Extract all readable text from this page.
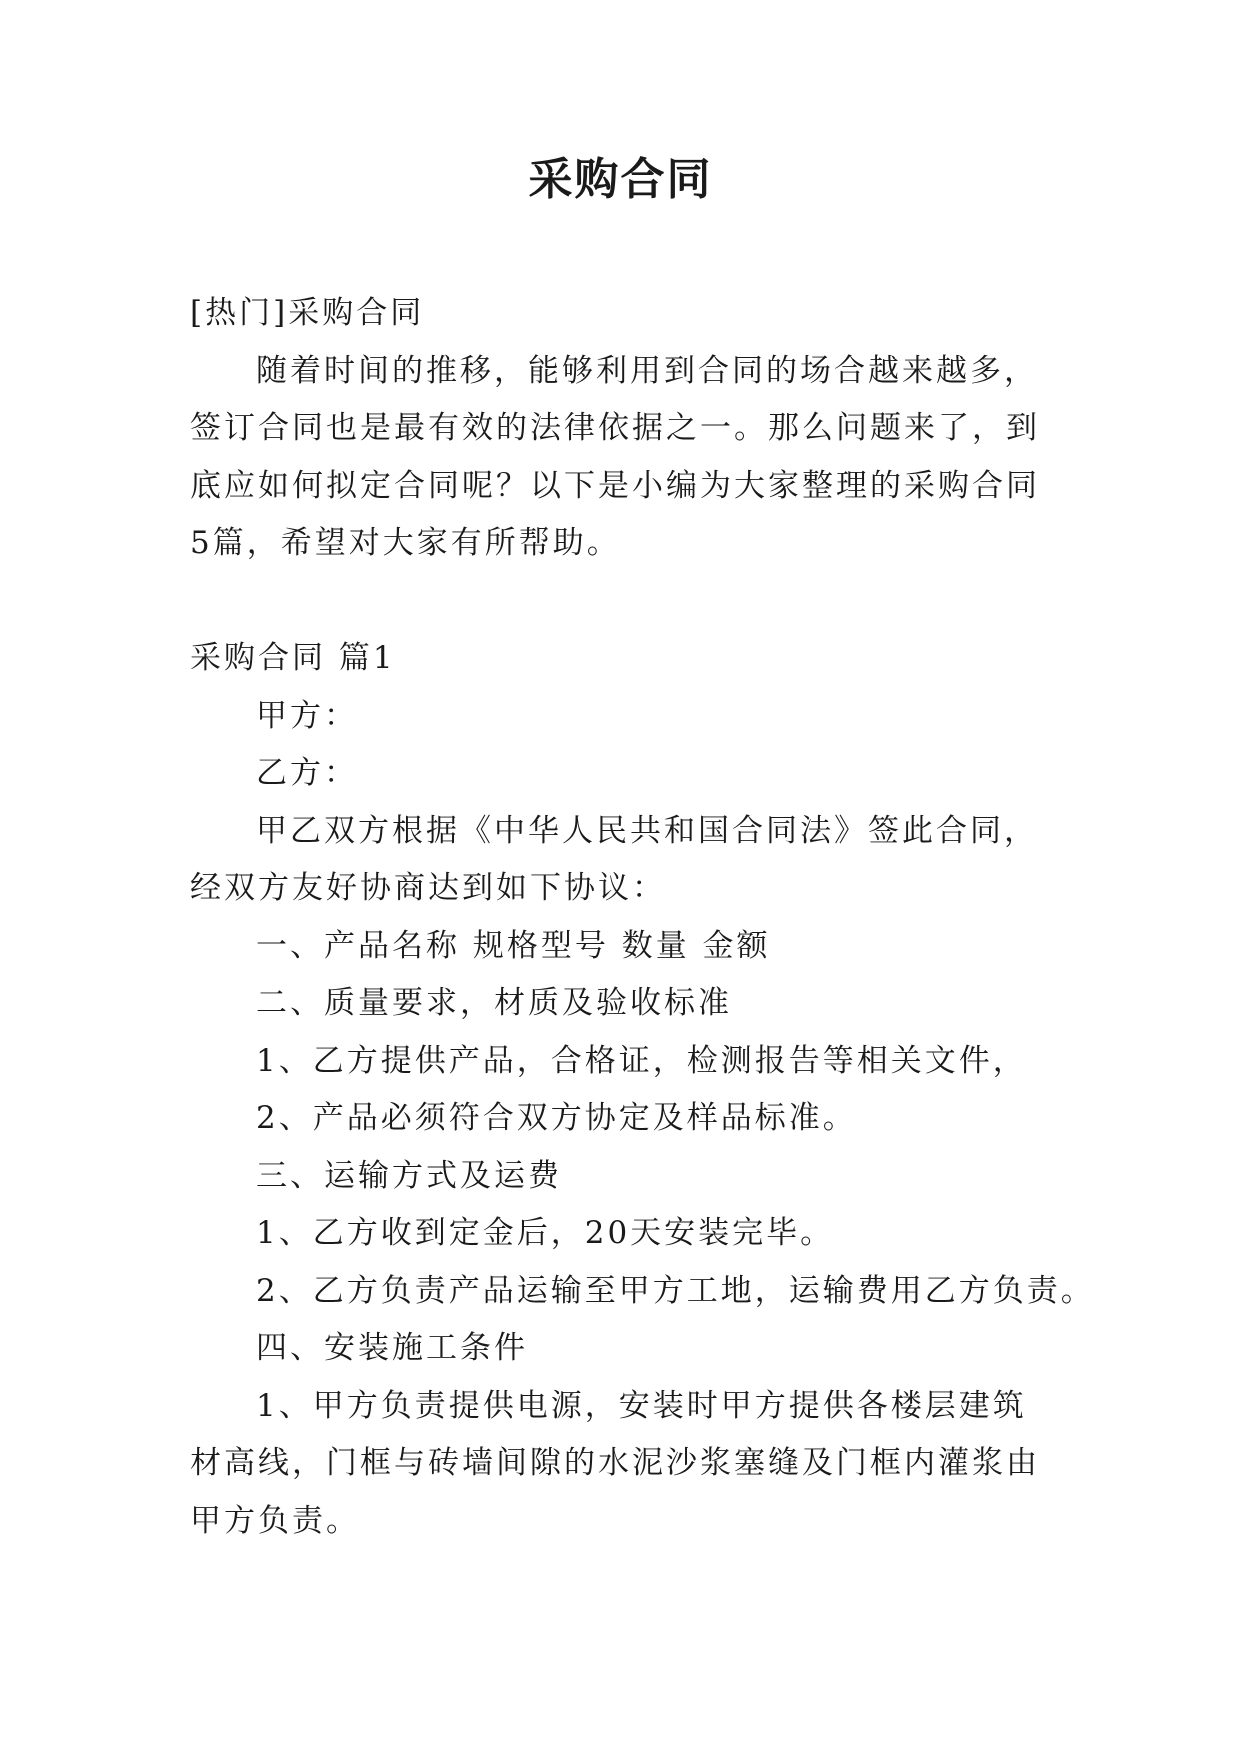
采购合同

[热门]采购合同

随着时间的推移，能够利用到合同的场合越来越多，签订合同也是最有效的法律依据之一。那么问题来了，到底应如何拟定合同呢？以下是小编为大家整理的采购合同5篇，希望对大家有所帮助。

采购合同 篇1

甲方：

乙方：

甲乙双方根据《中华人民共和国合同法》签此合同，经双方友好协商达到如下协议：

一、产品名称 规格型号 数量 金额

二、质量要求，材质及验收标准

1、乙方提供产品，合格证，检测报告等相关文件，

2、产品必须符合双方协定及样品标准。

三、运输方式及运费

1、乙方收到定金后，20天安装完毕。

2、乙方负责产品运输至甲方工地，运输费用乙方负责。

四、安装施工条件

1、甲方负责提供电源，安装时甲方提供各楼层建筑材高线，门框与砖墙间隙的水泥沙浆塞缝及门框内灌浆由甲方负责。
